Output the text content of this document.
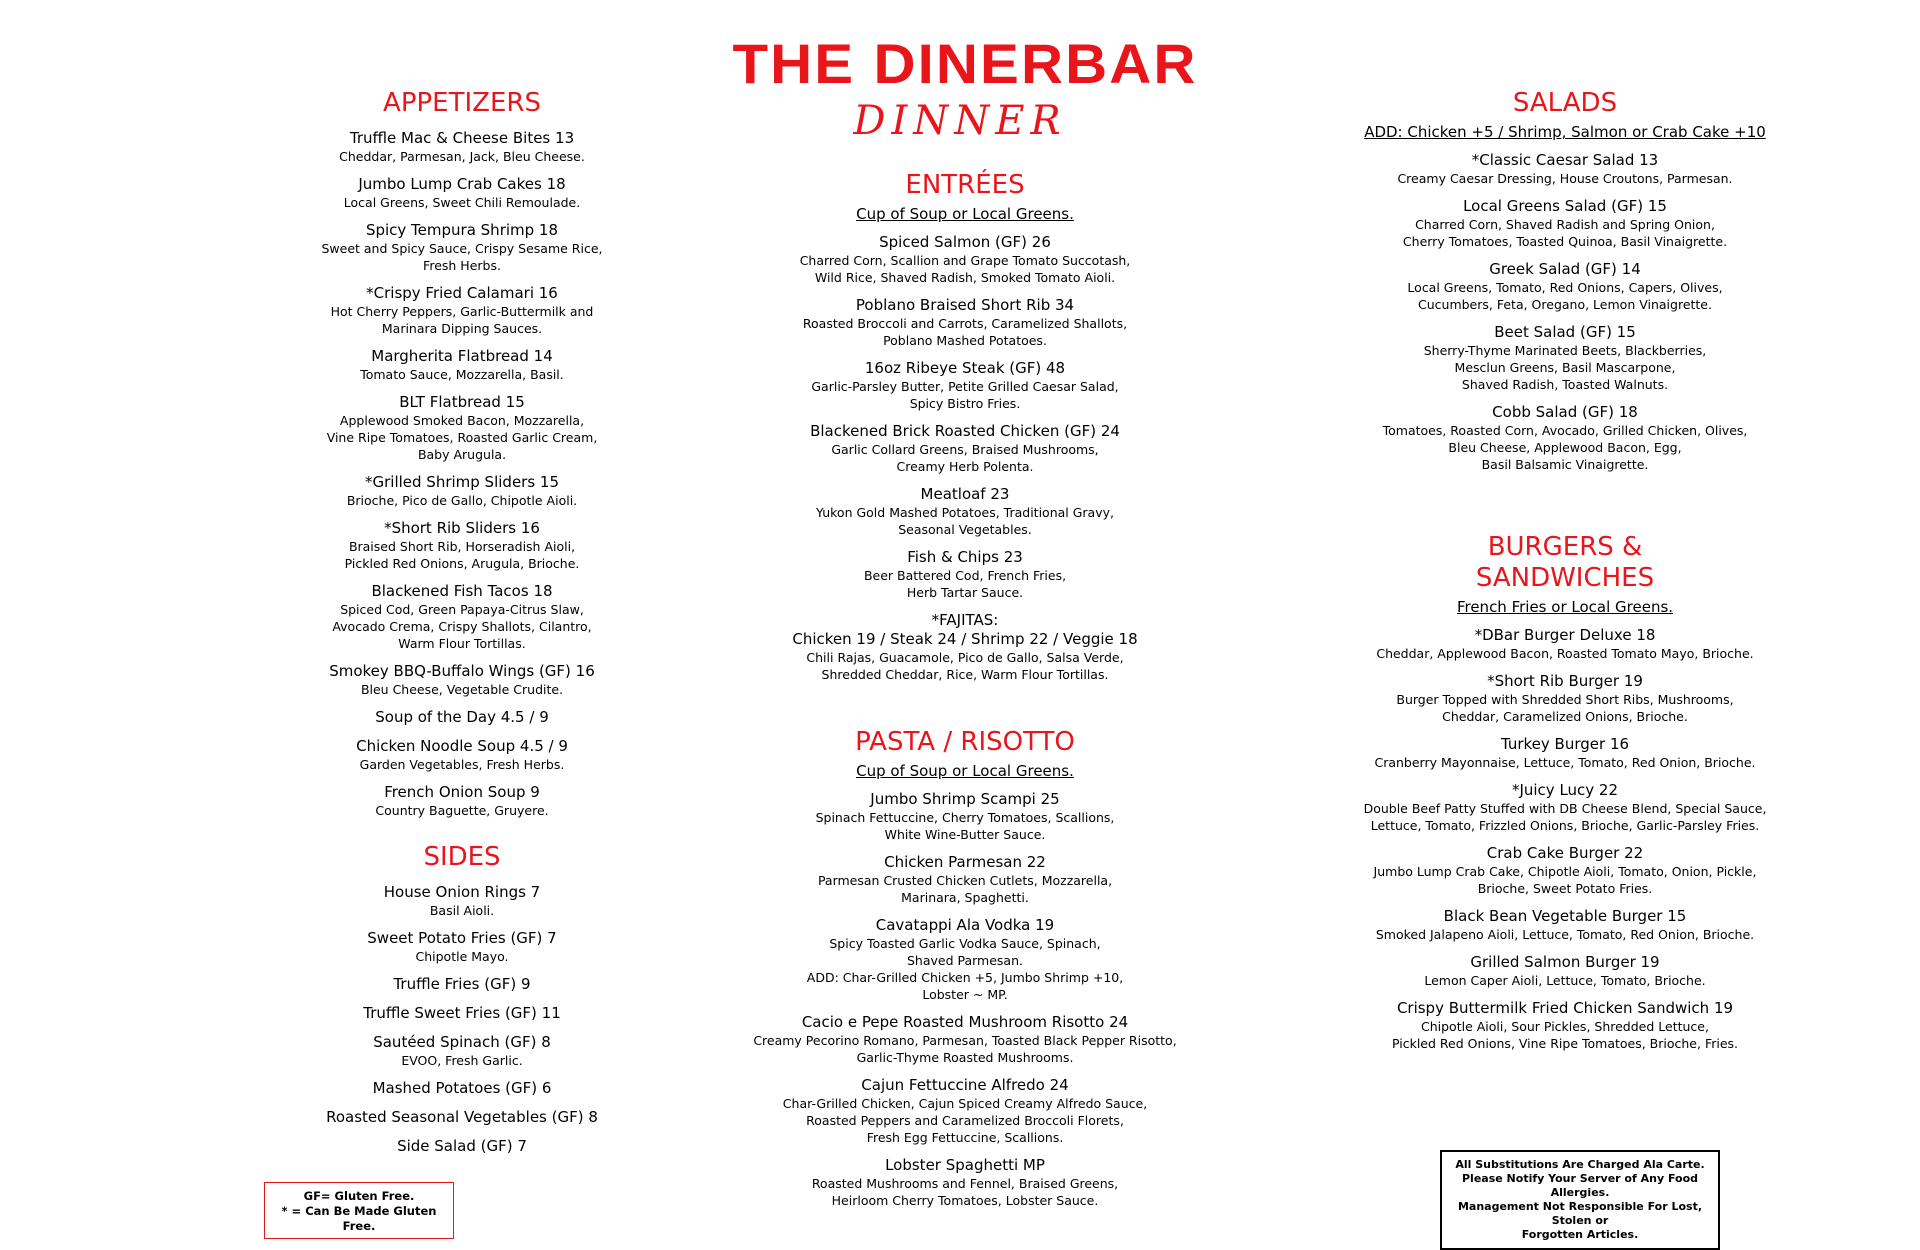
THE DINERBAR
DINNER
APPETIZERS
Truffle Mac & Cheese Bites 13
Cheddar, Parmesan, Jack, Bleu Cheese.
Jumbo Lump Crab Cakes 18
Local Greens, Sweet Chili Remoulade.
Spicy Tempura Shrimp 18
Sweet and Spicy Sauce, Crispy Sesame Rice,
Fresh Herbs.
*Crispy Fried Calamari 16
Hot Cherry Peppers, Garlic-Buttermilk and
Marinara Dipping Sauces.
Margherita Flatbread 14
Tomato Sauce, Mozzarella, Basil.
BLT Flatbread 15
Applewood Smoked Bacon, Mozzarella,
Vine Ripe Tomatoes, Roasted Garlic Cream,
Baby Arugula.
*Grilled Shrimp Sliders 15
Brioche, Pico de Gallo, Chipotle Aioli.
*Short Rib Sliders 16
Braised Short Rib, Horseradish Aioli,
Pickled Red Onions, Arugula, Brioche.
Blackened Fish Tacos 18
Spiced Cod, Green Papaya-Citrus Slaw,
Avocado Crema, Crispy Shallots, Cilantro,
Warm Flour Tortillas.
Smokey BBQ-Buffalo Wings (GF) 16
Bleu Cheese, Vegetable Crudite.
Soup of the Day 4.5 / 9
Chicken Noodle Soup 4.5 / 9
Garden Vegetables, Fresh Herbs.
French Onion Soup 9
Country Baguette, Gruyere.
SIDES
House Onion Rings 7
Basil Aioli.
Sweet Potato Fries (GF) 7
Chipotle Mayo.
Truffle Fries (GF) 9
Truffle Sweet Fries (GF) 11
Sautéed Spinach (GF) 8
EVOO, Fresh Garlic.
Mashed Potatoes (GF) 6
Roasted Seasonal Vegetables (GF) 8
Side Salad (GF) 7
GF= Gluten Free.
* = Can Be Made Gluten Free.
ENTRÉES
Cup of Soup or Local Greens.
Spiced Salmon (GF) 26
Charred Corn, Scallion and Grape Tomato Succotash,
Wild Rice, Shaved Radish, Smoked Tomato Aioli.
Poblano Braised Short Rib 34
Roasted Broccoli and Carrots, Caramelized Shallots,
Poblano Mashed Potatoes.
16oz Ribeye Steak (GF) 48
Garlic-Parsley Butter, Petite Grilled Caesar Salad,
Spicy Bistro Fries.
Blackened Brick Roasted Chicken (GF) 24
Garlic Collard Greens, Braised Mushrooms,
Creamy Herb Polenta.
Meatloaf 23
Yukon Gold Mashed Potatoes, Traditional Gravy,
Seasonal Vegetables.
Fish & Chips 23
Beer Battered Cod, French Fries,
Herb Tartar Sauce.
*FAJITAS:
Chicken 19 / Steak 24 / Shrimp 22 / Veggie 18
Chili Rajas, Guacamole, Pico de Gallo, Salsa Verde,
Shredded Cheddar, Rice, Warm Flour Tortillas.
PASTA / RISOTTO
Cup of Soup or Local Greens.
Jumbo Shrimp Scampi 25
Spinach Fettuccine, Cherry Tomatoes, Scallions,
White Wine-Butter Sauce.
Chicken Parmesan 22
Parmesan Crusted Chicken Cutlets, Mozzarella,
Marinara, Spaghetti.
Cavatappi Ala Vodka 19
Spicy Toasted Garlic Vodka Sauce, Spinach,
Shaved Parmesan.
ADD: Char-Grilled Chicken +5, Jumbo Shrimp +10,
Lobster ~ MP.
Cacio e Pepe Roasted Mushroom Risotto 24
Creamy Pecorino Romano, Parmesan, Toasted Black Pepper Risotto,
Garlic-Thyme Roasted Mushrooms.
Cajun Fettuccine Alfredo 24
Char-Grilled Chicken, Cajun Spiced Creamy Alfredo Sauce,
Roasted Peppers and Caramelized Broccoli Florets,
Fresh Egg Fettuccine, Scallions.
Lobster Spaghetti MP
Roasted Mushrooms and Fennel, Braised Greens,
Heirloom Cherry Tomatoes, Lobster Sauce.
SALADS
ADD: Chicken +5 / Shrimp, Salmon or Crab Cake +10
*Classic Caesar Salad 13
Creamy Caesar Dressing, House Croutons, Parmesan.
Local Greens Salad (GF) 15
Charred Corn, Shaved Radish and Spring Onion,
Cherry Tomatoes, Toasted Quinoa, Basil Vinaigrette.
Greek Salad (GF) 14
Local Greens, Tomato, Red Onions, Capers, Olives,
Cucumbers, Feta, Oregano, Lemon Vinaigrette.
Beet Salad (GF) 15
Sherry-Thyme Marinated Beets, Blackberries,
Mesclun Greens, Basil Mascarpone,
Shaved Radish, Toasted Walnuts.
Cobb Salad (GF) 18
Tomatoes, Roasted Corn, Avocado, Grilled Chicken, Olives,
Bleu Cheese, Applewood Bacon, Egg,
Basil Balsamic Vinaigrette.
BURGERS &
SANDWICHES
French Fries or Local Greens.
*DBar Burger Deluxe 18
Cheddar, Applewood Bacon, Roasted Tomato Mayo, Brioche.
*Short Rib Burger 19
Burger Topped with Shredded Short Ribs, Mushrooms,
Cheddar, Caramelized Onions, Brioche.
Turkey Burger 16
Cranberry Mayonnaise, Lettuce, Tomato, Red Onion, Brioche.
*Juicy Lucy 22
Double Beef Patty Stuffed with DB Cheese Blend, Special Sauce,
Lettuce, Tomato, Frizzled Onions, Brioche, Garlic-Parsley Fries.
Crab Cake Burger 22
Jumbo Lump Crab Cake, Chipotle Aioli, Tomato, Onion, Pickle,
Brioche, Sweet Potato Fries.
Black Bean Vegetable Burger 15
Smoked Jalapeno Aioli, Lettuce, Tomato, Red Onion, Brioche.
Grilled Salmon Burger 19
Lemon Caper Aioli, Lettuce, Tomato, Brioche.
Crispy Buttermilk Fried Chicken Sandwich 19
Chipotle Aioli, Sour Pickles, Shredded Lettuce,
Pickled Red Onions, Vine Ripe Tomatoes, Brioche, Fries.
All Substitutions Are Charged Ala Carte.
Please Notify Your Server of Any Food Allergies.
Management Not Responsible For Lost, Stolen or
Forgotten Articles.
